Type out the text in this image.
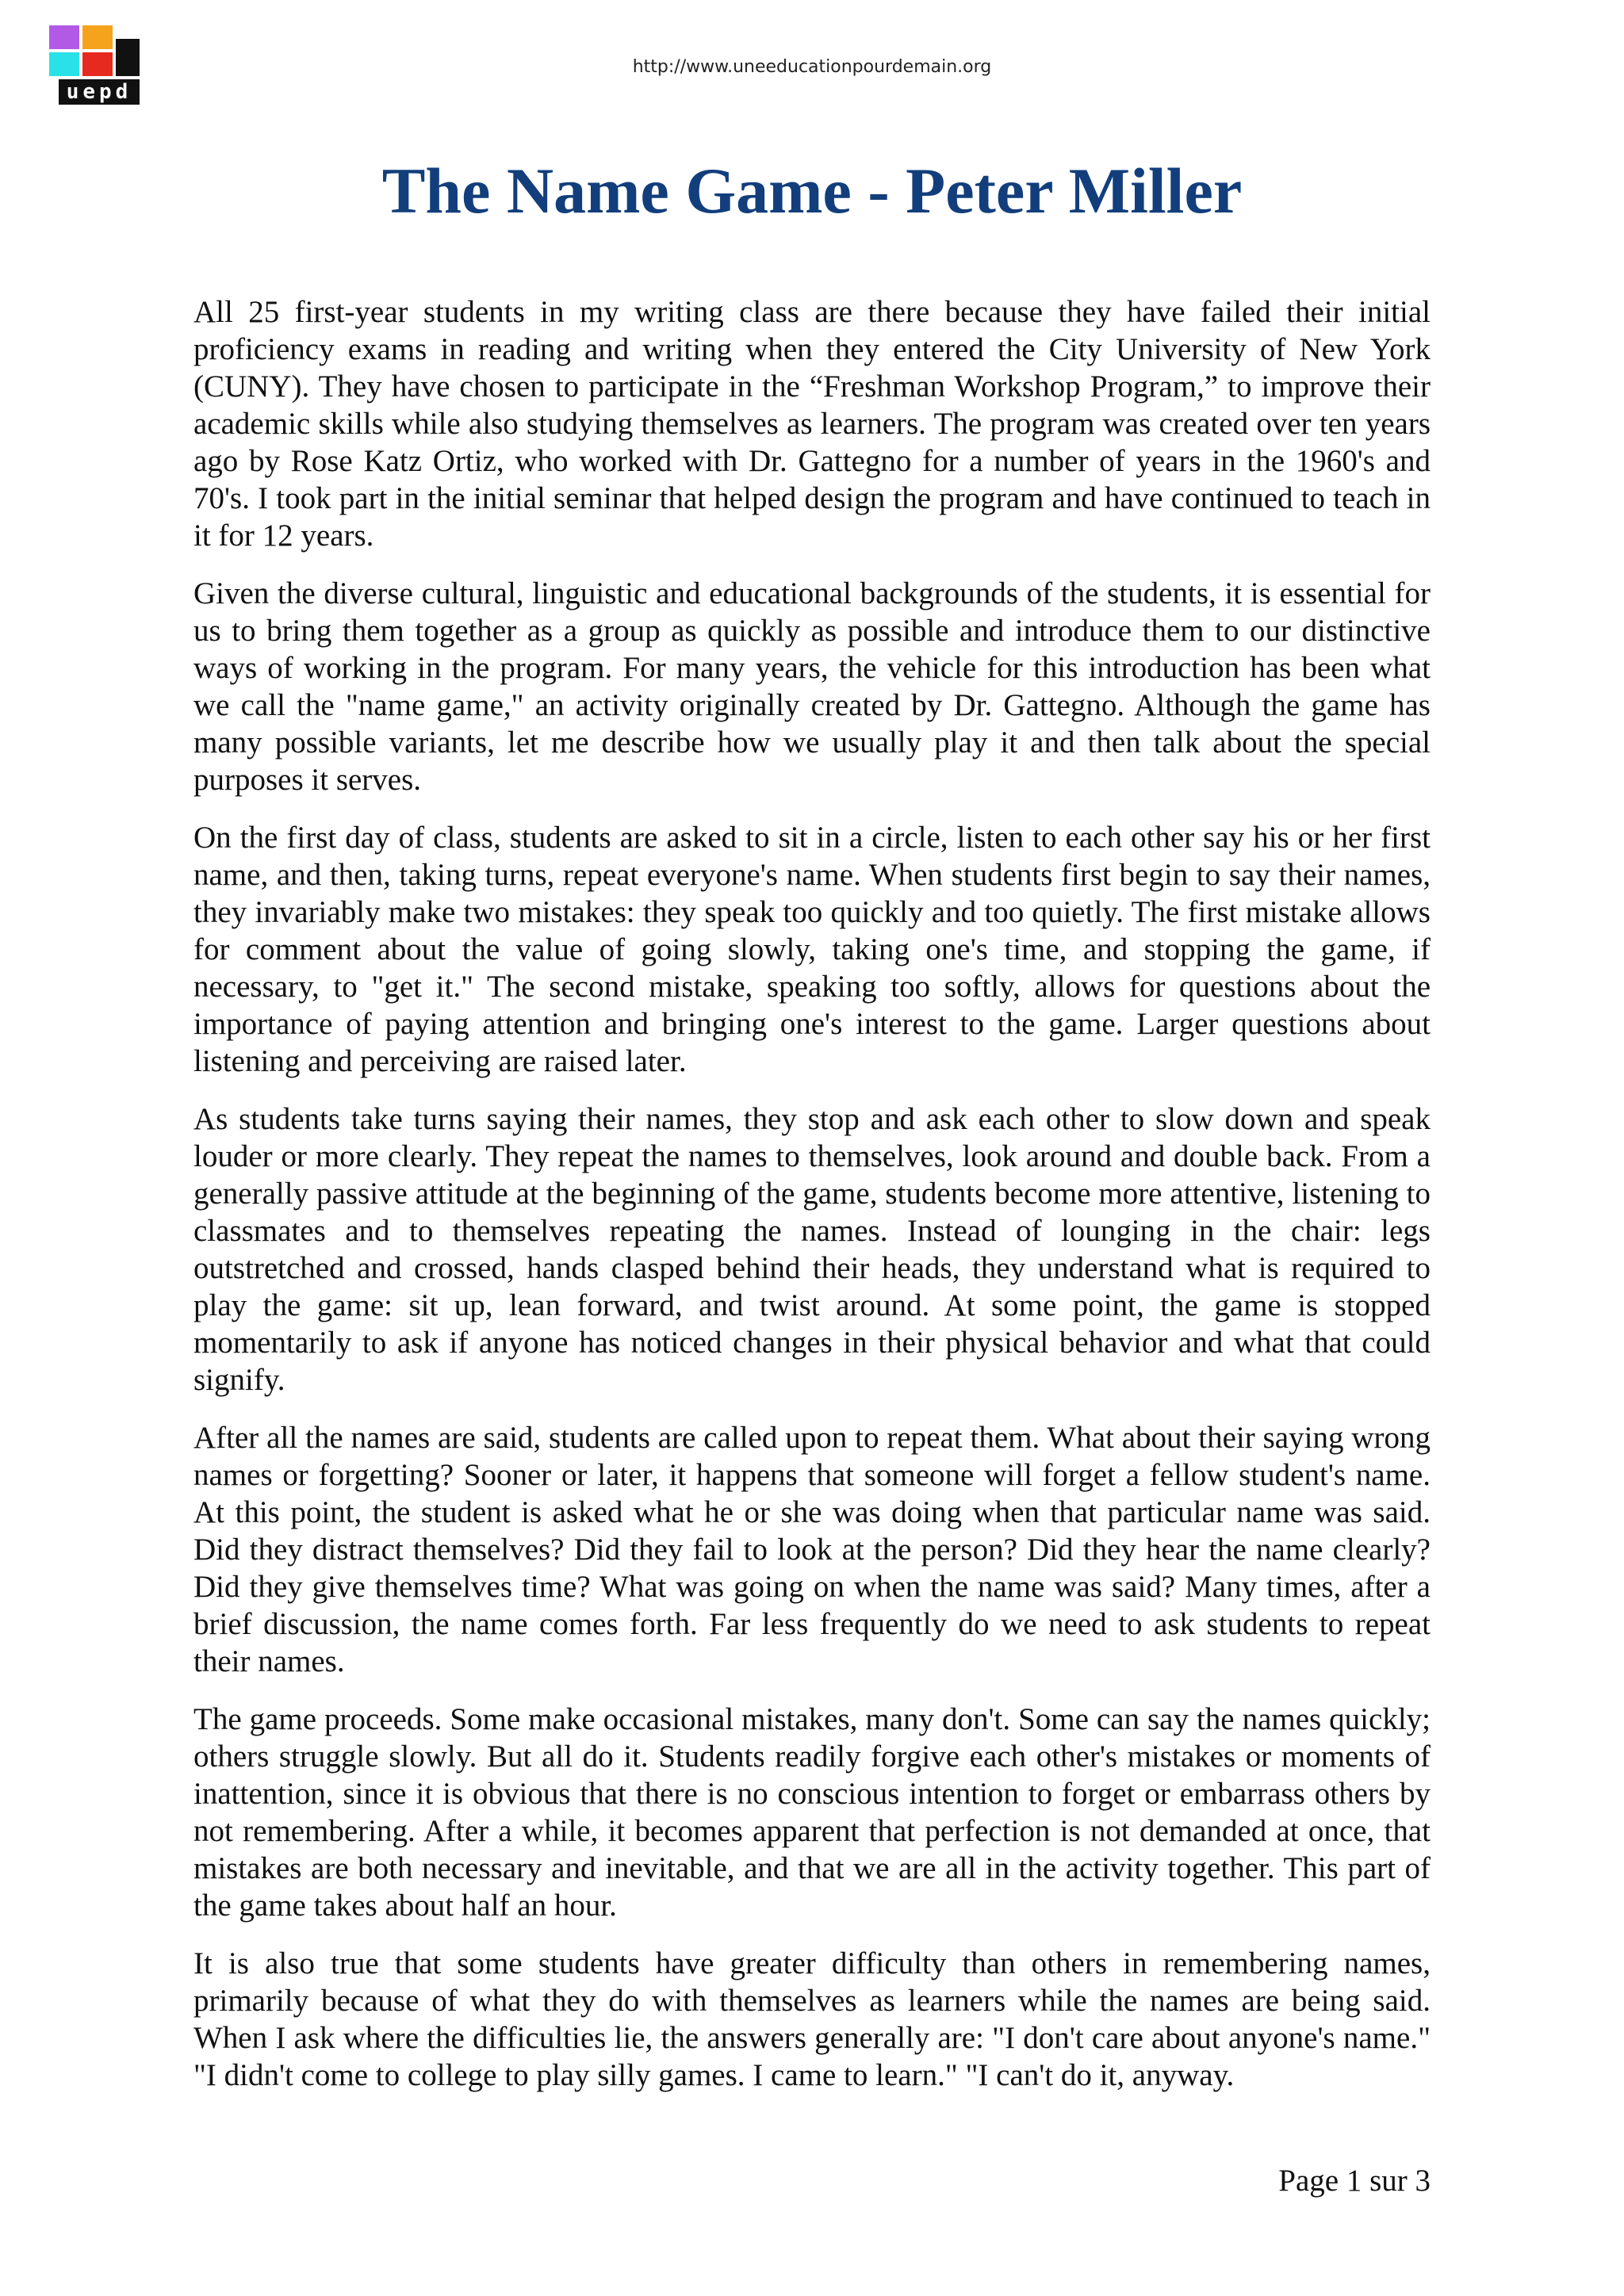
uepd
http://www.uneeducationpourdemain.org
The Name Game - Peter Miller

All 25 first-year students in my writing class are there because they have failed their initial proficiency exams in reading and writing when they entered the City University of New York (CUNY). They have chosen to participate in the “Freshman Workshop Program,” to improve their academic skills while also studying themselves as learners. The program was created over ten years ago by Rose Katz Ortiz, who worked with Dr. Gattegno for a number of years in the 1960's and 70's. I took part in the initial seminar that helped design the program and have continued to teach in it for 12 years.

Given the diverse cultural, linguistic and educational backgrounds of the students, it is essential for us to bring them together as a group as quickly as possible and introduce them to our distinctive ways of working in the program. For many years, the vehicle for this introduction has been what we call the "name game," an activity originally created by Dr. Gattegno. Although the game has many possible variants, let me describe how we usually play it and then talk about the special purposes it serves.

On the first day of class, students are asked to sit in a circle, listen to each other say his or her first name, and then, taking turns, repeat everyone's name. When students first begin to say their names, they invariably make two mistakes: they speak too quickly and too quietly. The first mistake allows for comment about the value of going slowly, taking one's time, and stopping the game, if necessary, to "get it." The second mistake, speaking too softly, allows for questions about the importance of paying attention and bringing one's interest to the game. Larger questions about listening and perceiving are raised later.

As students take turns saying their names, they stop and ask each other to slow down and speak louder or more clearly. They repeat the names to themselves, look around and double back. From a generally passive attitude at the beginning of the game, students become more attentive, listening to classmates and to themselves repeating the names. Instead of lounging in the chair: legs outstretched and crossed, hands clasped behind their heads, they understand what is required to play the game: sit up, lean forward, and twist around. At some point, the game is stopped momentarily to ask if anyone has noticed changes in their physical behavior and what that could signify.

After all the names are said, students are called upon to repeat them. What about their saying wrong names or forgetting? Sooner or later, it happens that someone will forget a fellow student's name. At this point, the student is asked what he or she was doing when that particular name was said. Did they distract themselves? Did they fail to look at the person? Did they hear the name clearly? Did they give themselves time? What was going on when the name was said? Many times, after a brief discussion, the name comes forth. Far less frequently do we need to ask students to repeat their names.

The game proceeds. Some make occasional mistakes, many don't. Some can say the names quickly; others struggle slowly. But all do it. Students readily forgive each other's mistakes or moments of inattention, since it is obvious that there is no conscious intention to forget or embarrass others by not remembering. After a while, it becomes apparent that perfection is not demanded at once, that mistakes are both necessary and inevitable, and that we are all in the activity together. This part of the game takes about half an hour.

It is also true that some students have greater difficulty than others in remembering names, primarily because of what they do with themselves as learners while the names are being said. When I ask where the difficulties lie, the answers generally are: "I don't care about anyone's name." "I didn't come to college to play silly games. I came to learn." "I can't do it, anyway.

Page 1 sur 3
